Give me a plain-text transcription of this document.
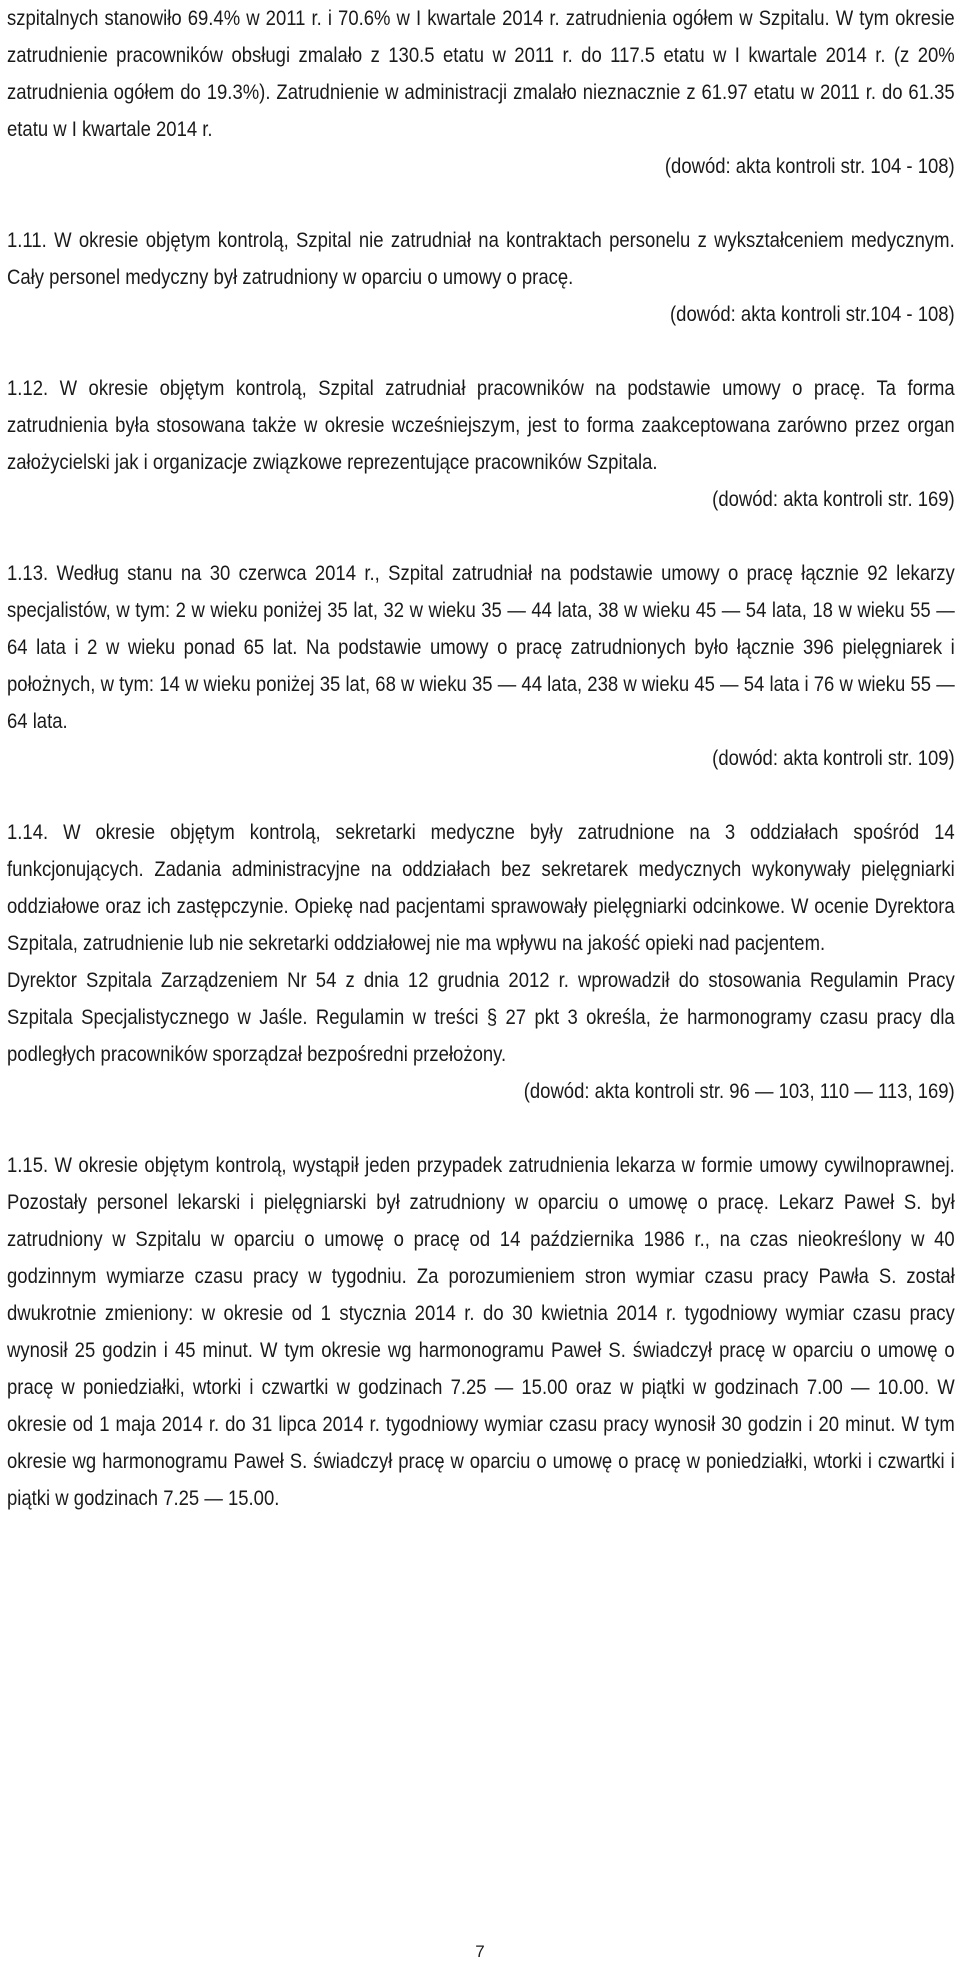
szpitalnych stanowiło 69.4% w 2011 r. i 70.6% w I kwartale 2014 r. zatrudnienia ogółem w Szpitalu. W tym okresie zatrudnienie pracowników obsługi zmalało z 130.5 etatu w 2011 r. do 117.5 etatu w I kwartale 2014 r. (z 20% zatrudnienia ogółem do 19.3%). Zatrudnienie w administracji zmalało nieznacznie z 61.97 etatu w 2011 r. do 61.35 etatu w I kwartale 2014 r.

(dowód: akta kontroli str. 104 - 108)

1.11. W okresie objętym kontrolą, Szpital nie zatrudniał na kontraktach personelu z wykształceniem medycznym. Cały personel medyczny był zatrudniony w oparciu o umowy o pracę.

(dowód: akta kontroli str.104 - 108)

1.12. W okresie objętym kontrolą, Szpital zatrudniał pracowników na podstawie umowy o pracę. Ta forma zatrudnienia była stosowana także w okresie wcześniejszym, jest to forma zaakceptowana zarówno przez organ założycielski jak i organizacje związkowe reprezentujące pracowników Szpitala.

(dowód: akta kontroli str. 169)

1.13. Według stanu na 30 czerwca 2014 r., Szpital zatrudniał na podstawie umowy o pracę łącznie 92 lekarzy specjalistów, w tym: 2 w wieku poniżej 35 lat, 32 w wieku 35 — 44 lata, 38 w wieku 45 — 54 lata, 18 w wieku 55 — 64 lata i 2 w wieku ponad 65 lat. Na podstawie umowy o pracę zatrudnionych było łącznie 396 pielęgniarek i położnych, w tym: 14 w wieku poniżej 35 lat, 68 w wieku 35 — 44 lata, 238 w wieku 45 — 54 lata i 76 w wieku 55 — 64 lata.

(dowód: akta kontroli str. 109)

1.14. W okresie objętym kontrolą, sekretarki medyczne były zatrudnione na 3 oddziałach spośród 14 funkcjonujących. Zadania administracyjne na oddziałach bez sekretarek medycznych wykonywały pielęgniarki oddziałowe oraz ich zastępczynie. Opiekę nad pacjentami sprawowały pielęgniarki odcinkowe. W ocenie Dyrektora Szpitala, zatrudnienie lub nie sekretarki oddziałowej nie ma wpływu na jakość opieki nad pacjentem.

Dyrektor Szpitala Zarządzeniem Nr 54 z dnia 12 grudnia 2012 r. wprowadził do stosowania Regulamin Pracy Szpitala Specjalistycznego w Jaśle. Regulamin w treści § 27 pkt 3 określa, że harmonogramy czasu pracy dla podległych pracowników sporządzał bezpośredni przełożony.

(dowód: akta kontroli str. 96 — 103, 110 — 113, 169)

1.15. W okresie objętym kontrolą, wystąpił jeden przypadek zatrudnienia lekarza w formie umowy cywilnoprawnej. Pozostały personel lekarski i pielęgniarski był zatrudniony w oparciu o umowę o pracę. Lekarz Paweł S. był zatrudniony w Szpitalu w oparciu o umowę o pracę od 14 października 1986 r., na czas nieokreślony w 40 godzinnym wymiarze czasu pracy w tygodniu. Za porozumieniem stron wymiar czasu pracy Pawła S. został dwukrotnie zmieniony: w okresie od 1 stycznia 2014 r. do 30 kwietnia 2014 r. tygodniowy wymiar czasu pracy wynosił 25 godzin i 45 minut. W tym okresie wg harmonogramu Paweł S. świadczył pracę w oparciu o umowę o pracę w poniedziałki, wtorki i czwartki w godzinach 7.25 — 15.00 oraz w piątki w godzinach 7.00 — 10.00. W okresie od 1 maja 2014 r. do 31 lipca 2014 r. tygodniowy wymiar czasu pracy wynosił 30 godzin i 20 minut. W tym okresie wg harmonogramu Paweł S. świadczył pracę w oparciu o umowę o pracę w poniedziałki, wtorki i czwartki i piątki w godzinach 7.25 — 15.00.

7
